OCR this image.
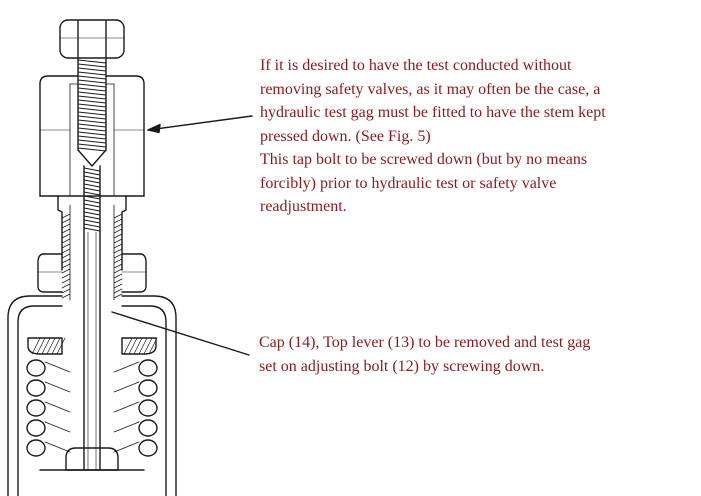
If it is desired to have the test conducted without
removing safety valves, as it may often be the case, a
hydraulic test gag must be fitted to have the stem kept
pressed down. (See Fig. 5)
This tap bolt to be screwed down (but by no means
forcibly) prior to hydraulic test or safety valve
readjustment.
Cap (14), Top lever (13) to be removed and test gag
set on adjusting bolt (12) by screwing down.
